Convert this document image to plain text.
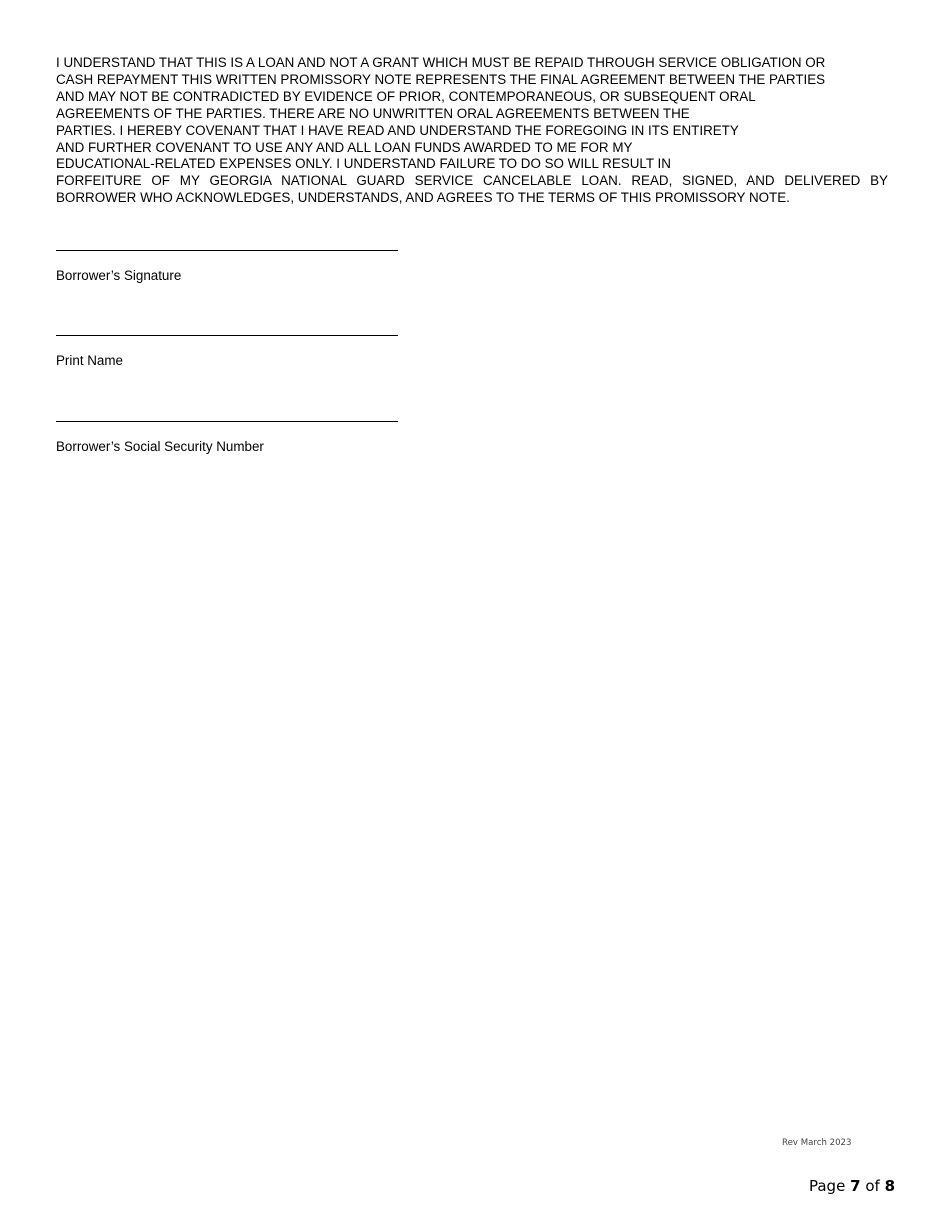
I UNDERSTAND THAT THIS IS A LOAN AND NOT A GRANT WHICH MUST BE REPAID THROUGH SERVICE OBLIGATION OR
CASH REPAYMENT THIS WRITTEN PROMISSORY NOTE REPRESENTS THE FINAL AGREEMENT BETWEEN THE PARTIES
AND MAY NOT BE CONTRADICTED BY EVIDENCE OF PRIOR, CONTEMPORANEOUS, OR SUBSEQUENT ORAL
AGREEMENTS OF THE PARTIES. THERE ARE NO UNWRITTEN ORAL AGREEMENTS BETWEEN THE
PARTIES. I HEREBY COVENANT THAT I HAVE READ AND UNDERSTAND THE FOREGOING IN ITS ENTIRETY
AND FURTHER COVENANT TO USE ANY AND ALL LOAN FUNDS AWARDED TO ME FOR MY
EDUCATIONAL-RELATED EXPENSES ONLY. I UNDERSTAND FAILURE TO DO SO WILL RESULT IN
FORFEITURE OF MY GEORGIA NATIONAL GUARD SERVICE CANCELABLE LOAN. READ, SIGNED, AND DELIVERED BY
BORROWER WHO ACKNOWLEDGES, UNDERSTANDS, AND AGREES TO THE TERMS OF THIS PROMISSORY NOTE.
Borrower’s Signature
Print Name
Borrower’s Social Security Number
Rev March 2023
Page 7 of 8
